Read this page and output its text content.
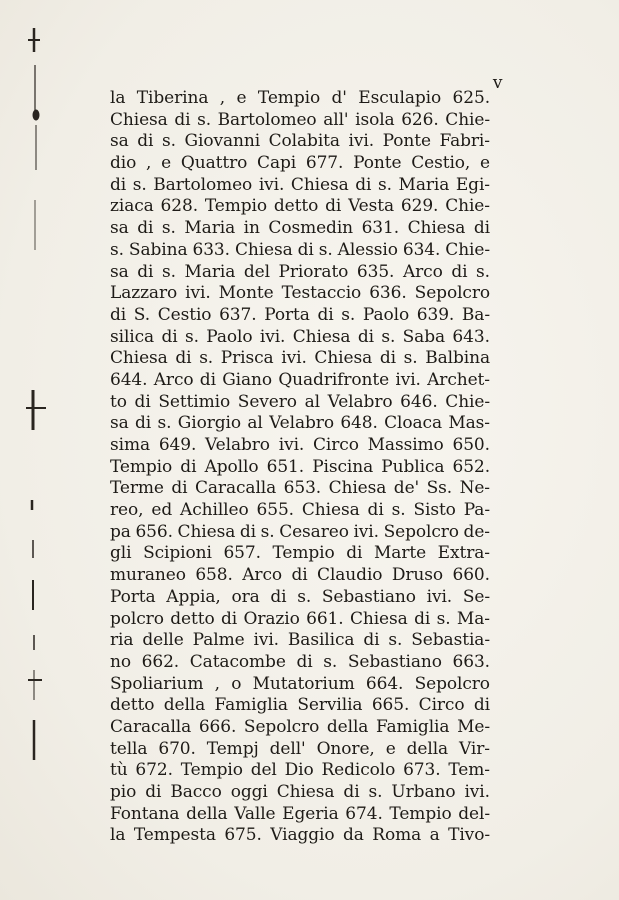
v
la Tiberina , e Tempio d' Esculapio 625.
Chiesa di s. Bartolomeo all' isola 626. Chie-
sa di s. Giovanni Colabita ivi. Ponte Fabri-
dio , e Quattro Capi 677. Ponte Cestio, e
di s. Bartolomeo ivi. Chiesa di s. Maria Egi-
ziaca 628. Tempio detto di Vesta 629. Chie-
sa di s. Maria in Cosmedin 631. Chiesa di
s. Sabina 633. Chiesa di s. Alessio 634. Chie-
sa di s. Maria del Priorato 635. Arco di s.
Lazzaro ivi. Monte Testaccio 636. Sepolcro
di S. Cestio 637. Porta di s. Paolo 639. Ba-
silica di s. Paolo ivi. Chiesa di s. Saba 643.
Chiesa di s. Prisca ivi. Chiesa di s. Balbina
644. Arco di Giano Quadrifronte ivi. Archet-
to di Settimio Severo al Velabro 646. Chie-
sa di s. Giorgio al Velabro 648. Cloaca Mas-
sima 649. Velabro ivi. Circo Massimo 650.
Tempio di Apollo 651. Piscina Publica 652.
Terme di Caracalla 653. Chiesa de' Ss. Ne-
reo, ed Achilleo 655. Chiesa di s. Sisto Pa-
pa 656. Chiesa di s. Cesareo ivi. Sepolcro de-
gli Scipioni 657. Tempio di Marte Extra-
muraneo 658. Arco di Claudio Druso 660.
Porta Appia, ora di s. Sebastiano ivi. Se-
polcro detto di Orazio 661. Chiesa di s. Ma-
ria delle Palme ivi. Basilica di s. Sebastia-
no 662. Catacombe di s. Sebastiano 663.
Spoliarium , o Mutatorium 664. Sepolcro
detto della Famiglia Servilia 665. Circo di
Caracalla 666. Sepolcro della Famiglia Me-
tella 670. Tempj dell' Onore, e della Vir-
tù 672. Tempio del Dio Redicolo 673. Tem-
pio di Bacco oggi Chiesa di s. Urbano ivi.
Fontana della Valle Egeria 674. Tempio del-
la Tempesta 675. Viaggio da Roma a Tivo-
